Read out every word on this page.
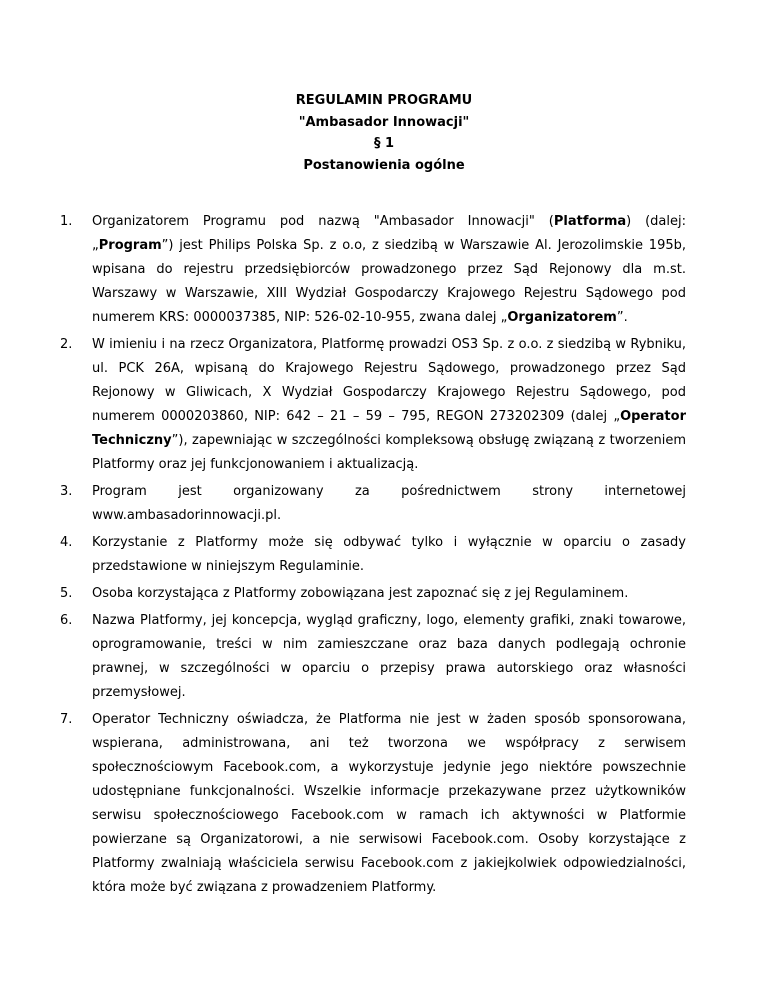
REGULAMIN PROGRAMU
"Ambasador Innowacji"
§ 1
Postanowienia ogólne
1. Organizatorem Programu pod nazwą "Ambasador Innowacji" (Platforma) (dalej: „Program”) jest Philips Polska Sp. z o.o, z siedzibą w Warszawie Al. Jerozolimskie 195b, wpisana do rejestru przedsiębiorców prowadzonego przez Sąd Rejonowy dla m.st. Warszawy w Warszawie, XIII Wydział Gospodarczy Krajowego Rejestru Sądowego pod numerem KRS: 0000037385, NIP: 526-02-10-955, zwana dalej „Organizatorem”.
2. W imieniu i na rzecz Organizatora, Platformę prowadzi OS3 Sp. z o.o. z siedzibą w Rybniku, ul. PCK 26A, wpisaną do Krajowego Rejestru Sądowego, prowadzonego przez Sąd Rejonowy w Gliwicach, X Wydział Gospodarczy Krajowego Rejestru Sądowego, pod numerem 0000203860, NIP: 642 – 21 – 59 – 795, REGON 273202309 (dalej „Operator Techniczny”), zapewniając w szczególności kompleksową obsługę związaną z tworzeniem Platformy oraz jej funkcjonowaniem i aktualizacją.
3. Program jest organizowany za pośrednictwem strony internetowej www.ambasadorinnowacji.pl.
4. Korzystanie z Platformy może się odbywać tylko i wyłącznie w oparciu o zasady przedstawione w niniejszym Regulaminie.
5. Osoba korzystająca z Platformy zobowiązana jest zapoznać się z jej Regulaminem.
6. Nazwa Platformy, jej koncepcja, wygląd graficzny, logo, elementy grafiki, znaki towarowe, oprogramowanie, treści w nim zamieszczane oraz baza danych podlegają ochronie prawnej, w szczególności w oparciu o przepisy prawa autorskiego oraz własności przemysłowej.
7. Operator Techniczny oświadcza, że Platforma nie jest w żaden sposób sponsorowana, wspierana, administrowana, ani też tworzona we współpracy z serwisem społecznościowym Facebook.com, a wykorzystuje jedynie jego niektóre powszechnie udostępniane funkcjonalności. Wszelkie informacje przekazywane przez użytkowników serwisu społecznościowego Facebook.com w ramach ich aktywności w Platformie powierzane są Organizatorowi, a nie serwisowi Facebook.com. Osoby korzystające z Platformy zwalniają właściciela serwisu Facebook.com z jakiejkolwiek odpowiedzialności, która może być związana z prowadzeniem Platformy.
